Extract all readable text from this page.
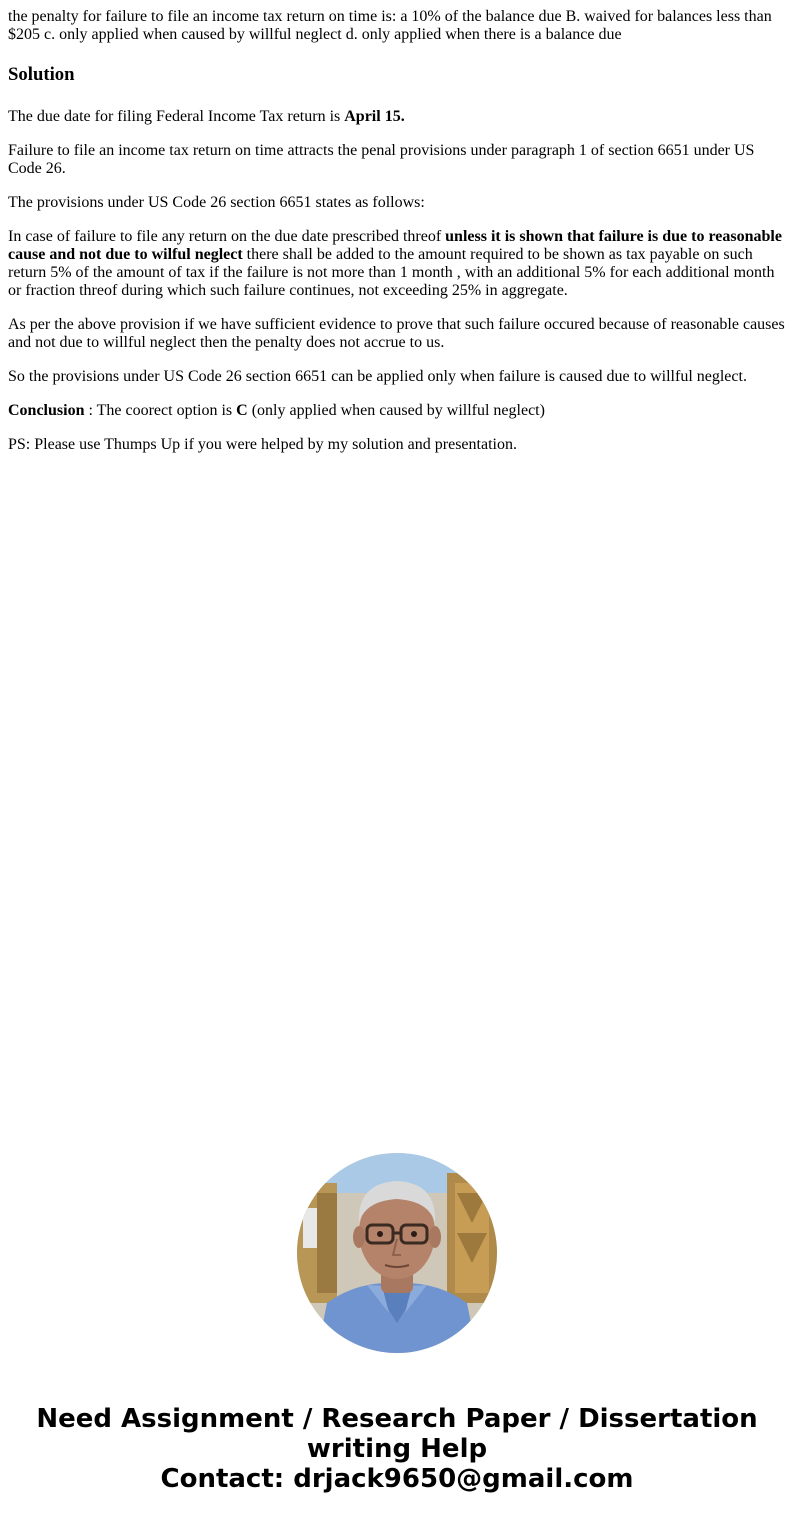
the penalty for failure to file an income tax return on time is: a 10% of the balance due B. waived for balances less than $205 c. only applied when caused by willful neglect d. only applied when there is a balance due
Solution

The due date for filing Federal Income Tax return is April 15.

Failure to file an income tax return on time attracts the penal provisions under paragraph 1 of section 6651 under US Code 26.

The provisions under US Code 26 section 6651 states as follows:

In case of failure to file any return on the due date prescribed threof unless it is shown that failure is due to reasonable cause and not due to wilful neglect there shall be added to the amount required to be shown as tax payable on such return 5% of the amount of tax if the failure is not more than 1 month , with an additional 5% for each additional month or fraction threof during which such failure continues, not exceeding 25% in aggregate.

As per the above provision if we have sufficient evidence to prove that such failure occured because of reasonable causes and not due to willful neglect then the penalty does not accrue to us.

So the provisions under US Code 26 section 6651 can be applied only when failure is caused due to willful neglect.

Conclusion : The coorect option is C (only applied when caused by willful neglect)

PS: Please use Thumps Up if you were helped by my solution and presentation.

Need Assignment / Research Paper / Dissertation
writing Help
Contact: drjack9650@gmail.com
